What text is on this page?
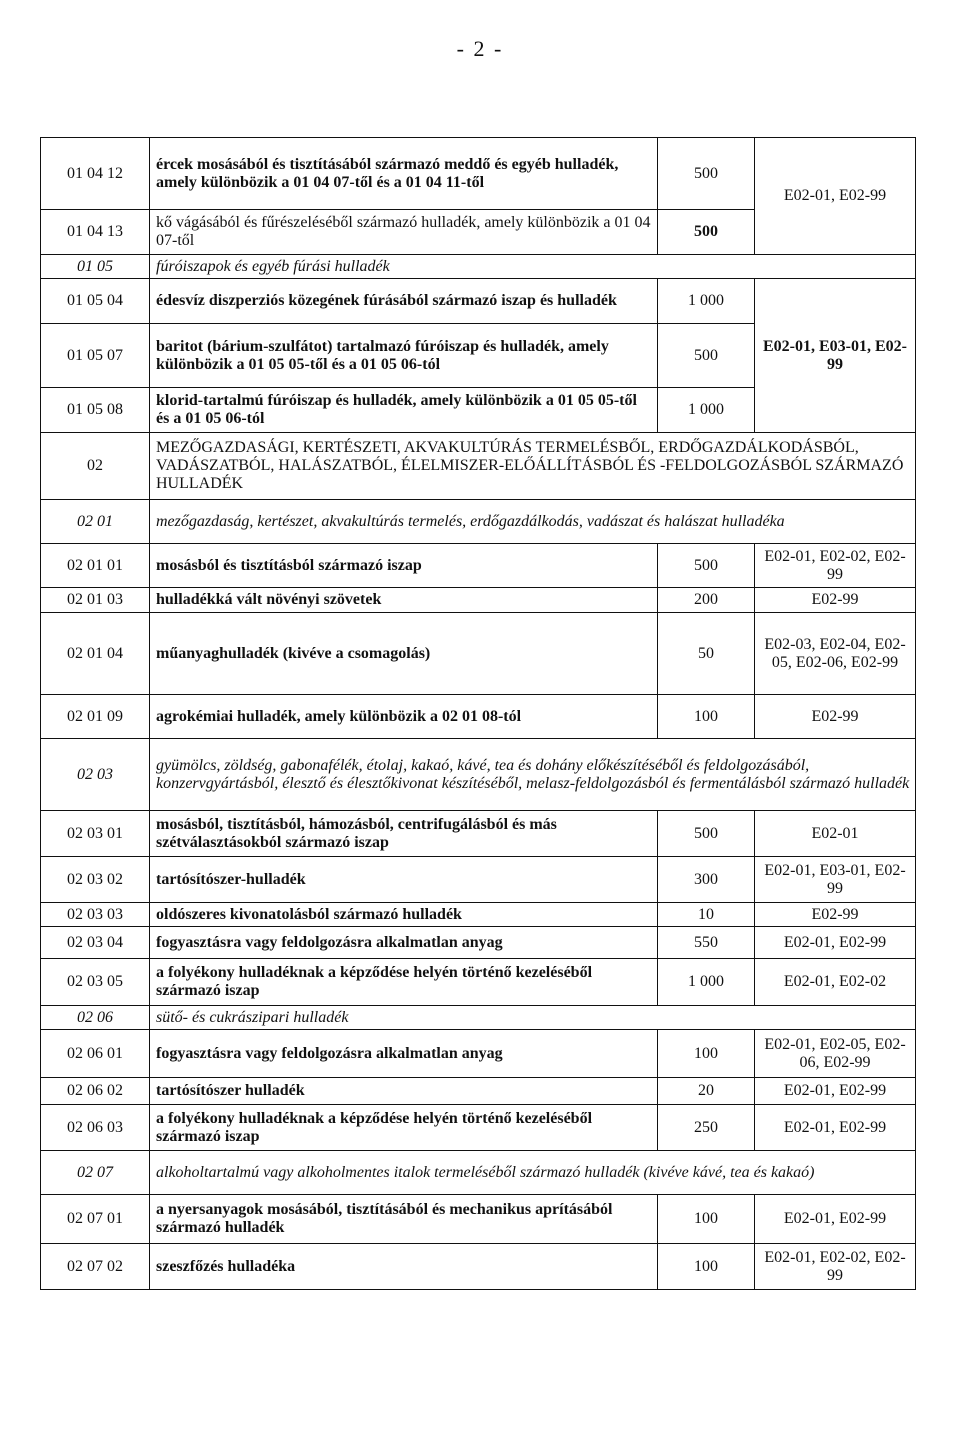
- 2 -
01 04 12	ércek mosásából és tisztításából származó meddő és egyéb hulladék, amely különbözik a 01 04 07-től és a 01 04 11-től	500	E02-01, E02-99
01 04 13	kő vágásából és fűrészeléséből származó hulladék, amely különbözik a 01 04 07-től	500	
01 05	fúróiszapok és egyéb fúrási hulladék		
01 05 04	édesvíz diszperziós közegének fúrásából származó iszap és hulladék	1 000	E02-01, E03-01, E02-99
01 05 07	baritot (bárium-szulfátot) tartalmazó fúróiszap és hulladék, amely különbözik a 01 05 05-től és a 01 05 06-tól	500	
01 05 08	klorid-tartalmú fúróiszap és hulladék, amely különbözik a 01 05 05-től és a 01 05 06-tól	1 000	
02	MEZŐGAZDASÁGI, KERTÉSZETI, AKVAKULTÚRÁS TERMELÉSBŐL, ERDŐGAZDÁLKODÁSBÓL, VADÁSZATBÓL, HALÁSZATBÓL, ÉLELMISZER-ELŐÁLLÍTÁSBÓL ÉS -FELDOLGOZÁSBÓL SZÁRMAZÓ HULLADÉK		
02 01	mezőgazdaság, kertészet, akvakultúrás termelés, erdőgazdálkodás, vadászat és halászat hulladéka		
02 01 01	mosásból és tisztításból származó iszap	500	E02-01, E02-02, E02-99
02 01 03	hulladékká vált növényi szövetek	200	E02-99
02 01 04	műanyaghulladék (kivéve a csomagolás)	50	E02-03, E02-04, E02-05, E02-06, E02-99
02 01 09	agrokémiai hulladék, amely különbözik a 02 01 08-tól	100	E02-99
02 03	gyümölcs, zöldség, gabonafélék, étolaj, kakaó, kávé, tea és dohány előkészítéséből és feldolgozásából, konzervgyártásból, élesztő és élesztőkivonat készítéséből, melasz-feldolgozásból és fermentálásból származó hulladék		
02 03 01	mosásból, tisztításból, hámozásból, centrifugálásból és más szétválasztásokból származó iszap	500	E02-01
02 03 02	tartósítószer-hulladék	300	E02-01, E03-01, E02-99
02 03 03	oldószeres kivonatolásból származó hulladék	10	E02-99
02 03 04	fogyasztásra vagy feldolgozásra alkalmatlan anyag	550	E02-01, E02-99
02 03 05	a folyékony hulladéknak a képződése helyén történő kezeléséből származó iszap	1 000	E02-01, E02-02
02 06	sütő- és cukrászipari hulladék		
02 06 01	fogyasztásra vagy feldolgozásra alkalmatlan anyag	100	E02-01, E02-05, E02-06, E02-99
02 06 02	tartósítószer hulladék	20	E02-01, E02-99
02 06 03	a folyékony hulladéknak a képződése helyén történő kezeléséből származó iszap	250	E02-01, E02-99
02 07	alkoholtartalmú vagy alkoholmentes italok termeléséből származó hulladék (kivéve kávé, tea és kakaó)		
02 07 01	a nyersanyagok mosásából, tisztításából és mechanikus aprításából származó hulladék	100	E02-01, E02-99
02 07 02	szeszfőzés hulladéka	100	E02-01, E02-02, E02-99
